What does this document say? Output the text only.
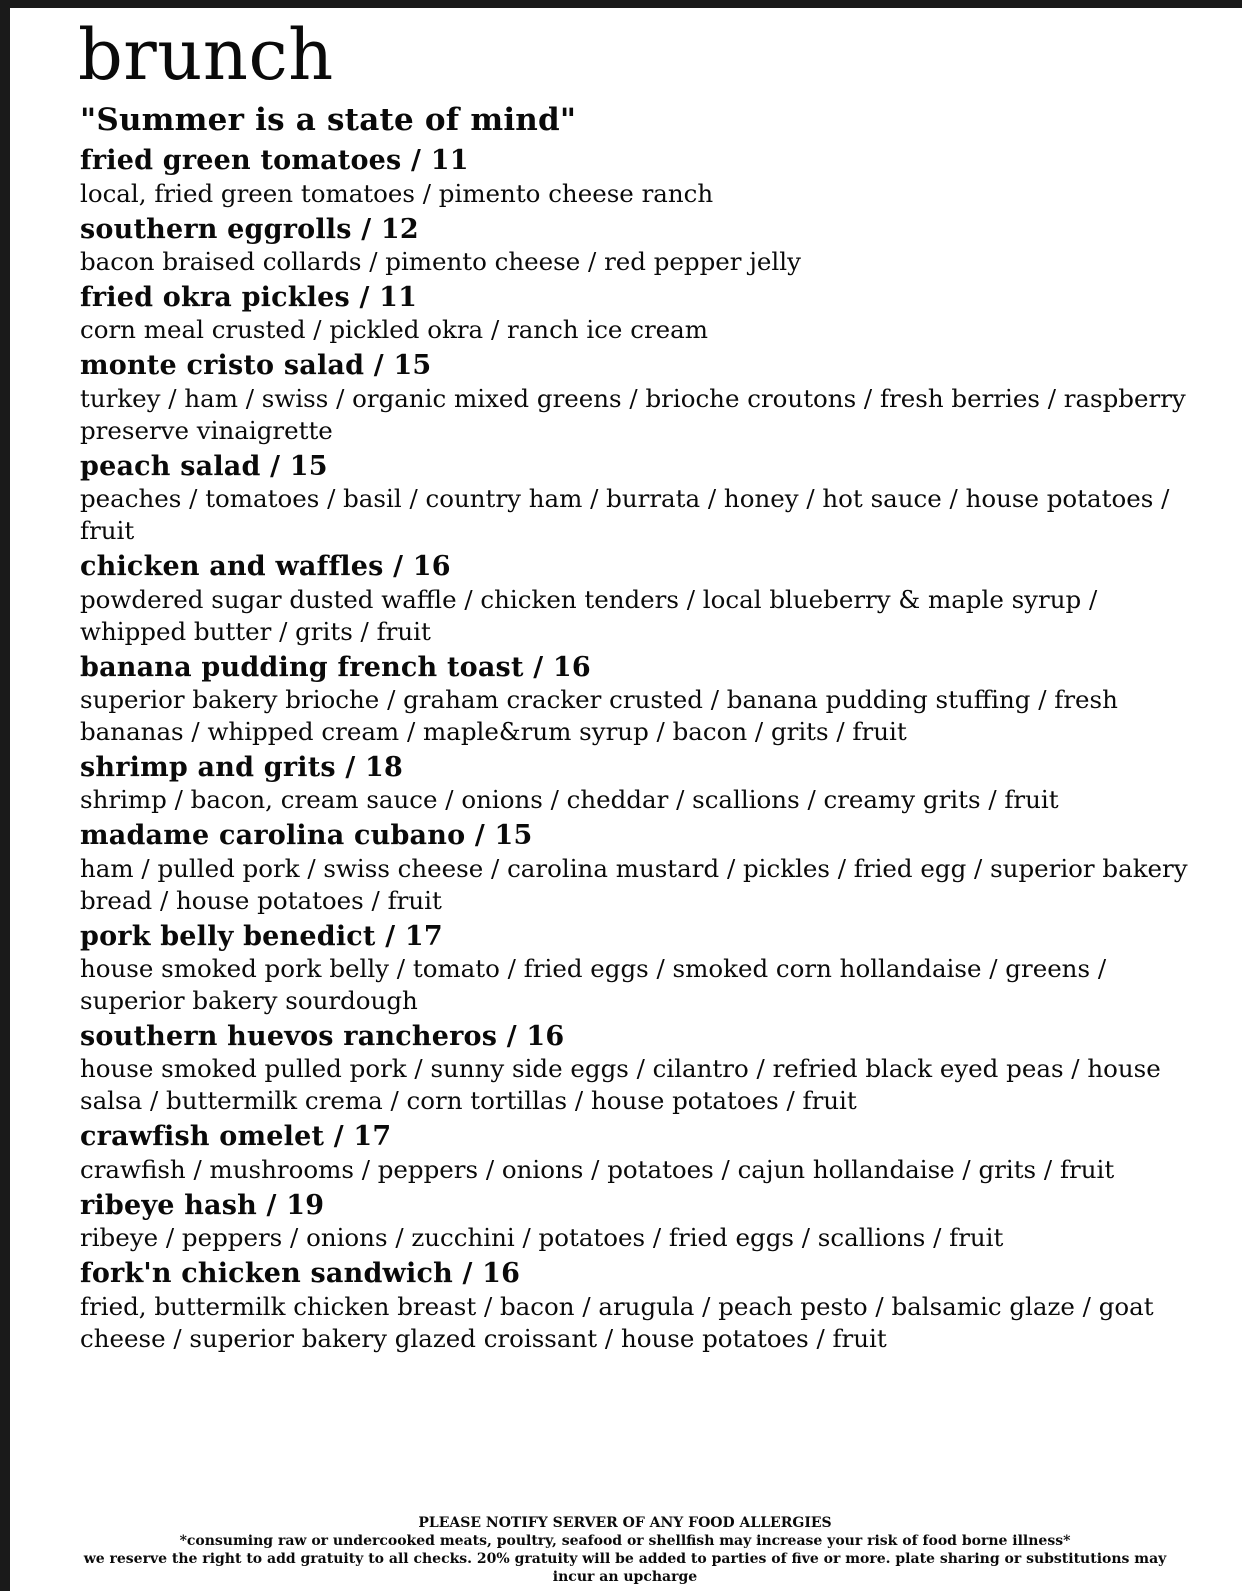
brunch
"Summer is a state of mind"
fried green tomatoes / 11
local, fried green tomatoes / pimento cheese ranch
southern eggrolls / 12
bacon braised collards / pimento cheese / red pepper jelly
fried okra pickles / 11
corn meal crusted / pickled okra / ranch ice cream
monte cristo salad / 15
turkey / ham / swiss / organic mixed greens / brioche croutons / fresh berries / raspberry preserve vinaigrette
peach salad / 15
peaches / tomatoes / basil / country ham / burrata / honey / hot sauce / house potatoes / fruit
chicken and waffles / 16
powdered sugar dusted waffle / chicken tenders / local blueberry & maple syrup / whipped butter / grits / fruit
banana pudding french toast / 16
superior bakery brioche / graham cracker crusted / banana pudding stuffing / fresh bananas / whipped cream / maple&rum syrup / bacon / grits / fruit
shrimp and grits / 18
shrimp / bacon, cream sauce / onions / cheddar / scallions / creamy grits / fruit
madame carolina cubano / 15
ham / pulled pork / swiss cheese / carolina mustard / pickles / fried egg / superior bakery bread / house potatoes / fruit
pork belly benedict / 17
house smoked pork belly / tomato / fried eggs / smoked corn hollandaise / greens / superior bakery sourdough
southern huevos rancheros / 16
house smoked pulled pork / sunny side eggs / cilantro / refried black eyed peas / house salsa / buttermilk crema / corn tortillas / house potatoes / fruit
crawfish omelet / 17
crawfish / mushrooms / peppers / onions / potatoes / cajun hollandaise / grits / fruit
ribeye hash / 19
ribeye / peppers / onions / zucchini / potatoes / fried eggs / scallions / fruit
fork'n chicken sandwich / 16
fried, buttermilk chicken breast / bacon / arugula / peach pesto / balsamic glaze / goat cheese / superior bakery glazed croissant / house potatoes / fruit
PLEASE NOTIFY SERVER OF ANY FOOD ALLERGIES
*consuming raw or undercooked meats, poultry, seafood or shellfish may increase your risk of food borne illness*
we reserve the right to add gratuity to all checks. 20% gratuity will be added to parties of five or more. plate sharing or substitutions may incur an upcharge
